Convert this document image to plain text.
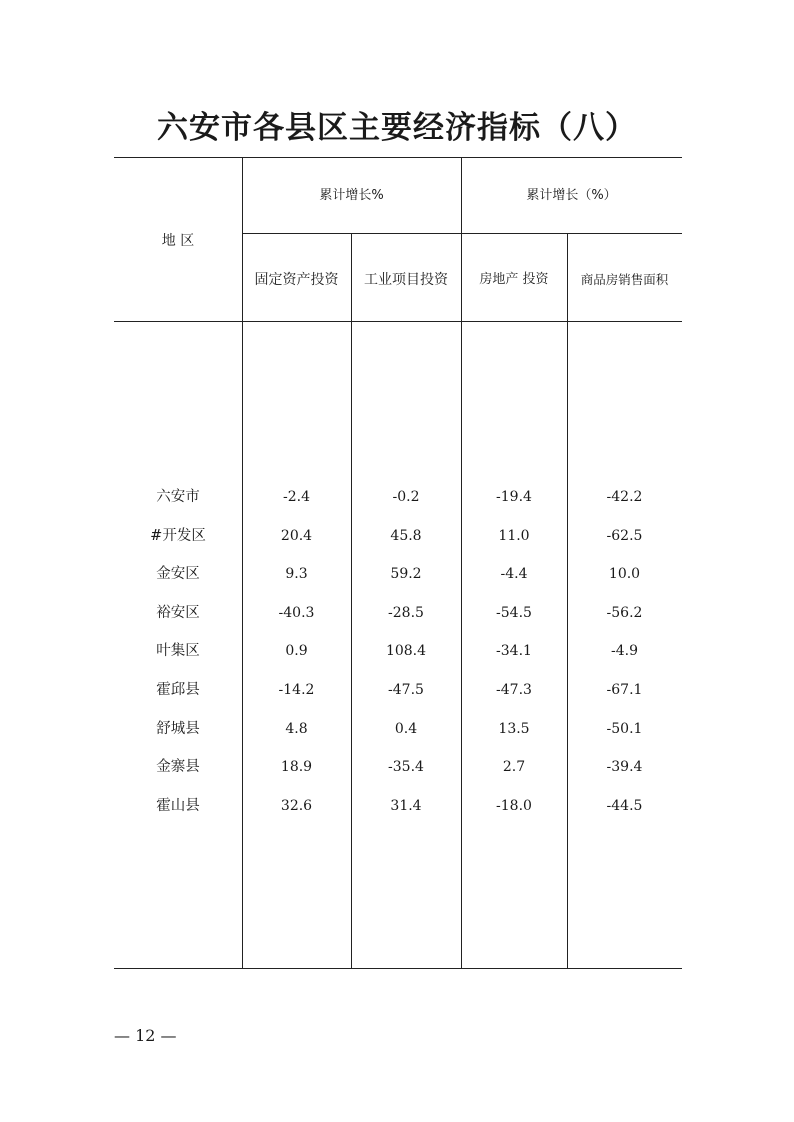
六安市各县区主要经济指标（八）
地 区
累计增长%	累计增长（%）
固定资产投资	工业项目投资	房地产 投资	商品房销售面积
六安市	-2.4	-0.2	-19.4	-42.2
#开发区	20.4	45.8	11.0	-62.5
金安区	9.3	59.2	-4.4	10.0
裕安区	-40.3	-28.5	-54.5	-56.2
叶集区	0.9	108.4	-34.1	-4.9
霍邱县	-14.2	-47.5	-47.3	-67.1
舒城县	4.8	0.4	13.5	-50.1
金寨县	18.9	-35.4	2.7	-39.4
霍山县	32.6	31.4	-18.0	-44.5
— 12 —
